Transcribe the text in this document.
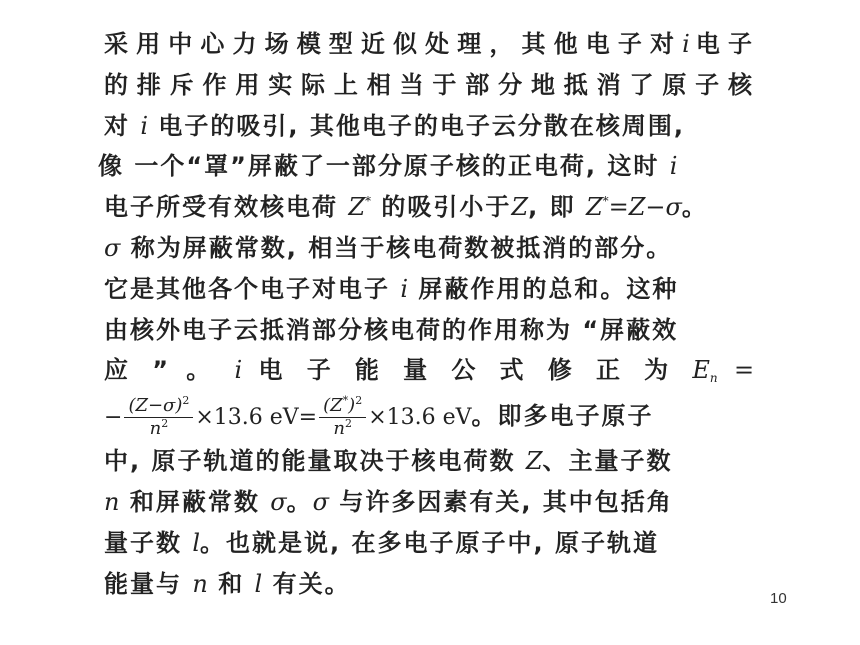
采用中心力场模型近似处理，其他电子对i电子
的排斥作用实际上相当于部分地抵消了原子核
对 i 电子的吸引, 其他电子的电子云分散在核周围,
像 一个“罩”屏蔽了一部分原子核的正电荷, 这时 i
电子所受有效核电荷 Z* 的吸引小于Z, 即 Z*=Z−σ。
σ 称为屏蔽常数, 相当于核电荷数被抵消的部分。
它是其他各个电子对电子 i 屏蔽作用的总和。这种
由核外电子云抵消部分核电荷的作用称为 “屏蔽效
应 ” 。 i 电 子 能 量 公 式 修 正 为 $E_n$ =
− $\frac{(Z-\sigma)^2}{n^2} \times 13.6$ $eV= \frac{(Z^*)^2}{n^2} \times 13.6$ eV。即多电子原子
中, 原子轨道的能量取决于核电荷数 Z、主量子数
n 和屏蔽常数 σ。σ 与许多因素有关, 其中包括角
量子数 l。也就是说, 在多电子原子中, 原子轨道
能量与 n 和 l 有关。
10
